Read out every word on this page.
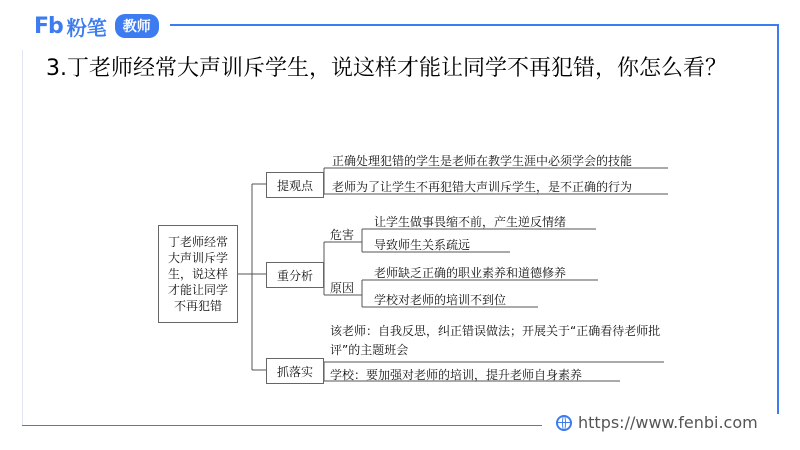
Fb 粉笔	教师
3.丁老师经常大声训斥学生，说这样才能让同学不再犯错，你怎么看？
丁老师经常大声训斥学生，说这样才能让同学不再犯错
提观点
重分析
抓落实
正确处理犯错的学生是老师在教学生涯中必须学会的技能
老师为了让学生不再犯错大声训斥学生，是不正确的行为
危害
原因
让学生做事畏缩不前，产生逆反情绪
导致师生关系疏远
老师缺乏正确的职业素养和道德修养
学校对老师的培训不到位
该老师：自我反思，纠正错误做法；开展关于“正确看待老师批评”的主题班会
学校：要加强对老师的培训，提升老师自身素养
https://www.fenbi.com
